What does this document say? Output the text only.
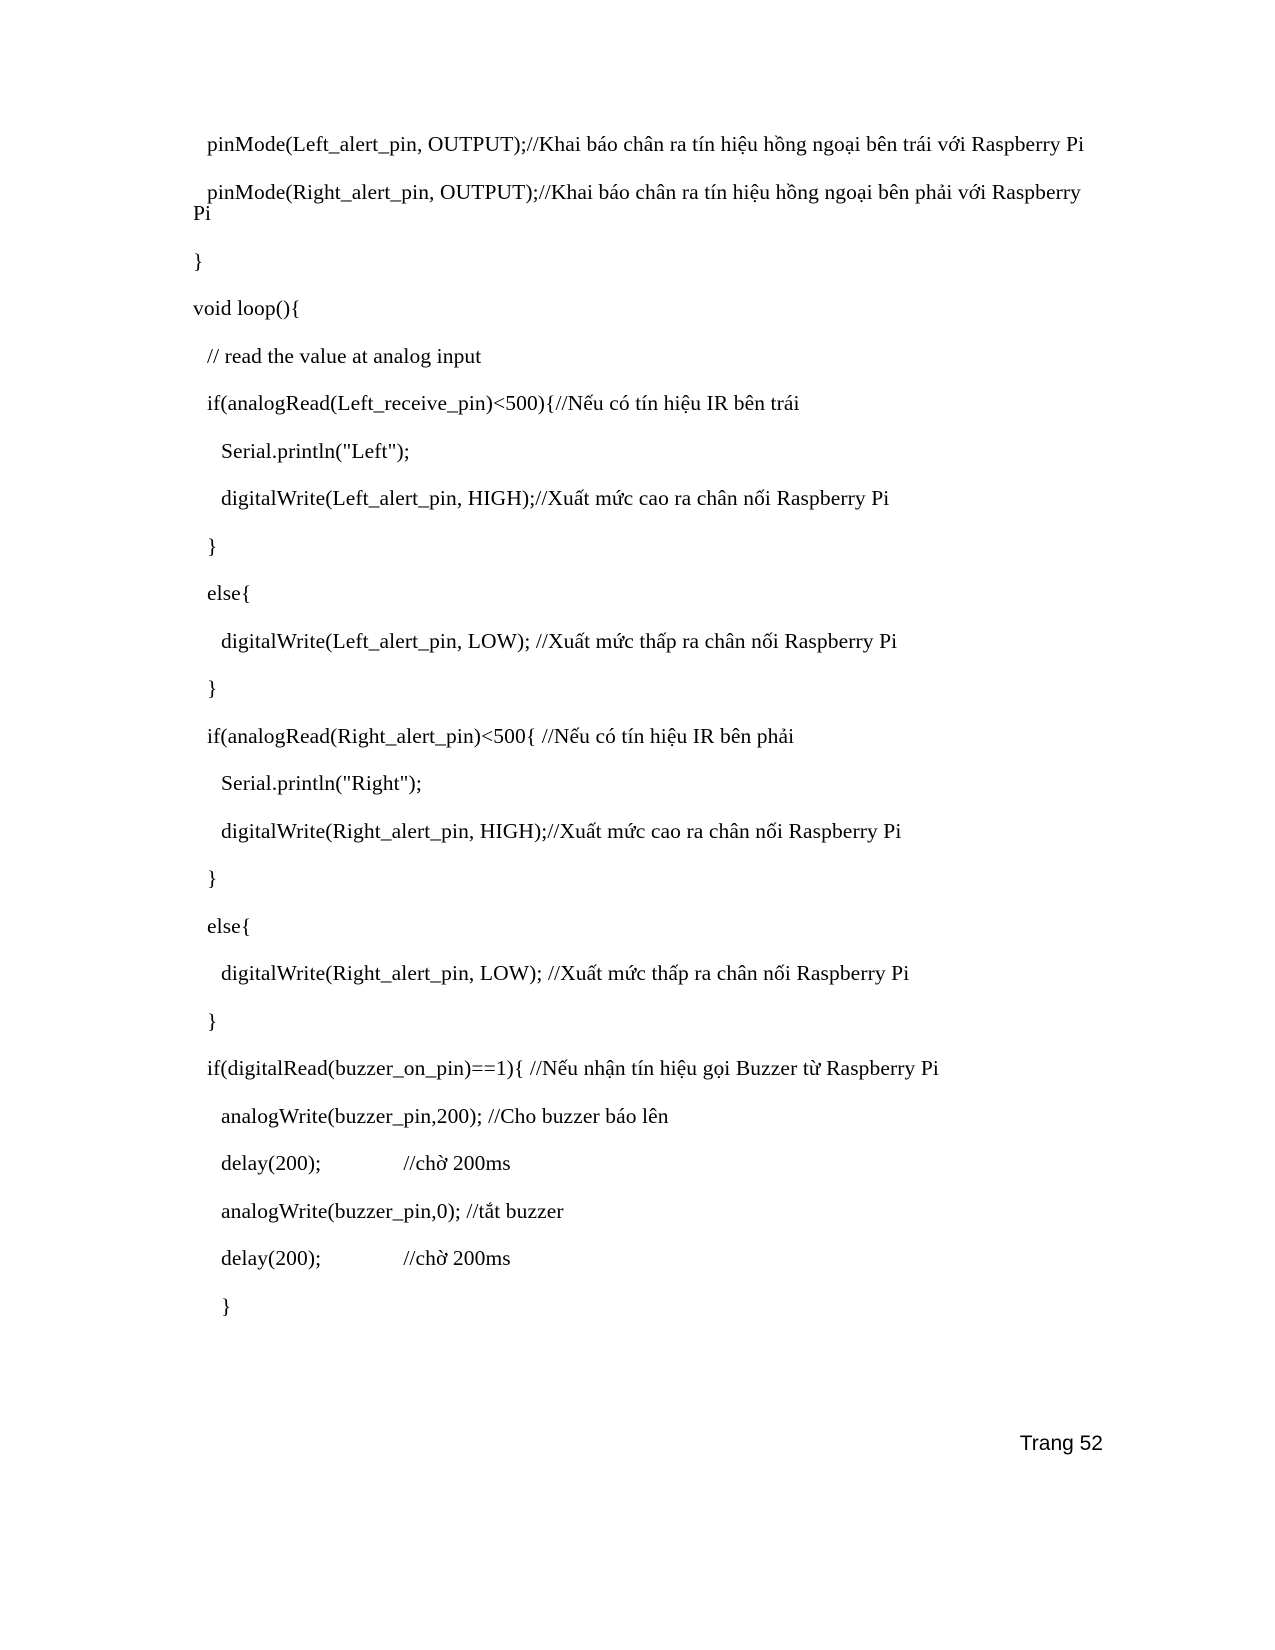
pinMode(Left_alert_pin, OUTPUT);//Khai báo chân ra tín hiệu hồng ngoại bên trái với Raspberry Pi

pinMode(Right_alert_pin, OUTPUT);//Khai báo chân ra tín hiệu hồng ngoại bên phải với Raspberry Pi

}

void loop(){

// read the value at analog input

if(analogRead(Left_receive_pin)<500){//Nếu có tín hiệu IR bên trái

Serial.println("Left");

digitalWrite(Left_alert_pin, HIGH);//Xuất mức cao ra chân nối Raspberry Pi

}

else{

digitalWrite(Left_alert_pin, LOW); //Xuất mức thấp ra chân nối Raspberry Pi

}

if(analogRead(Right_alert_pin)<500{ //Nếu có tín hiệu IR bên phải

Serial.println("Right");

digitalWrite(Right_alert_pin, HIGH);//Xuất mức cao ra chân nối Raspberry Pi

}

else{

digitalWrite(Right_alert_pin, LOW); //Xuất mức thấp ra chân nối Raspberry Pi

}

if(digitalRead(buzzer_on_pin)==1){ //Nếu nhận tín hiệu gọi Buzzer từ Raspberry Pi

analogWrite(buzzer_pin,200); //Cho buzzer báo lên

delay(200);               //chờ 200ms

analogWrite(buzzer_pin,0); //tắt buzzer

delay(200);               //chờ 200ms

}

Trang 52
